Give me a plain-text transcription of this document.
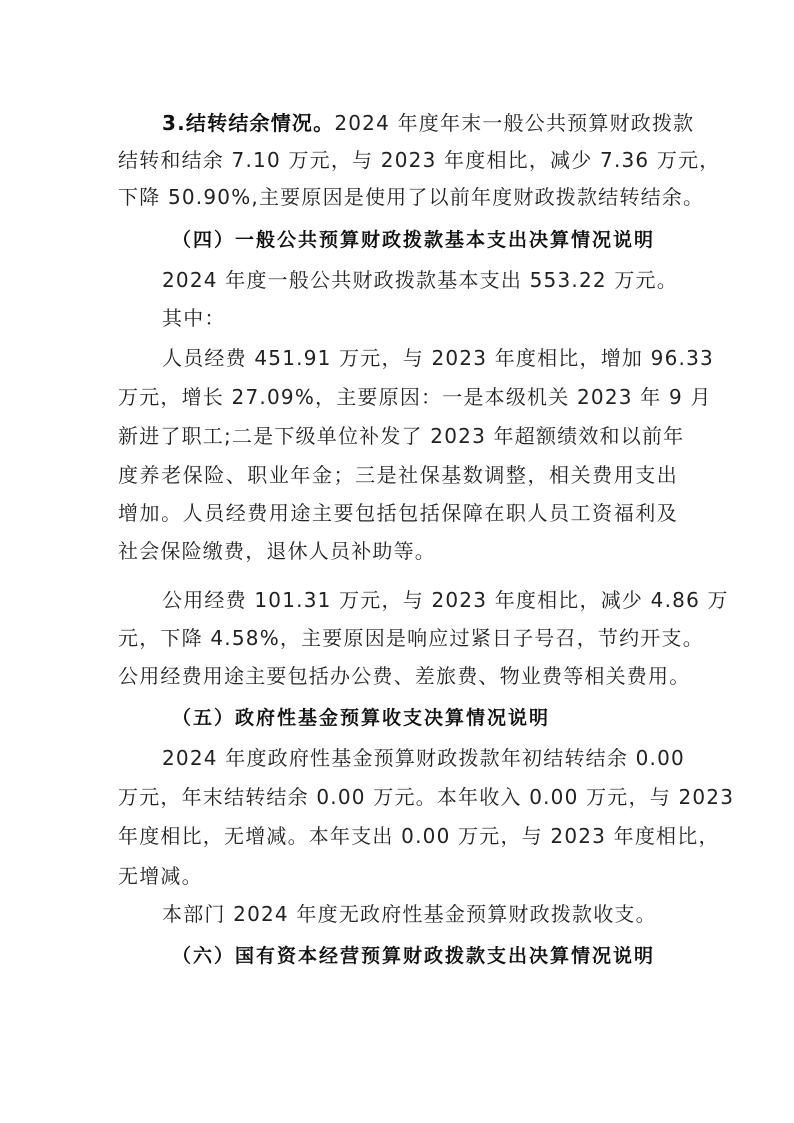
3.结转结余情况。2024 年度年末一般公共预算财政拨款
结转和结余 7.10 万元，与 2023 年度相比，减少 7.36 万元，
下降 50.90%,主要原因是使用了以前年度财政拨款结转结余。
（四）一般公共预算财政拨款基本支出决算情况说明
2024 年度一般公共财政拨款基本支出 553.22 万元。
其中：
人员经费 451.91 万元，与 2023 年度相比，增加 96.33
万元，增长 27.09%，主要原因：一是本级机关 2023 年 9 月
新进了职工;二是下级单位补发了 2023 年超额绩效和以前年
度养老保险、职业年金；三是社保基数调整，相关费用支出
增加。人员经费用途主要包括包括保障在职人员工资福利及
社会保险缴费，退休人员补助等。
公用经费 101.31 万元，与 2023 年度相比，减少 4.86 万
元，下降 4.58%，主要原因是响应过紧日子号召，节约开支。
公用经费用途主要包括办公费、差旅费、物业费等相关费用。
（五）政府性基金预算收支决算情况说明
2024 年度政府性基金预算财政拨款年初结转结余 0.00
万元，年末结转结余 0.00 万元。本年收入 0.00 万元，与 2023
年度相比，无增减。本年支出 0.00 万元，与 2023 年度相比，
无增减。
本部门 2024 年度无政府性基金预算财政拨款收支。
（六）国有资本经营预算财政拨款支出决算情况说明
